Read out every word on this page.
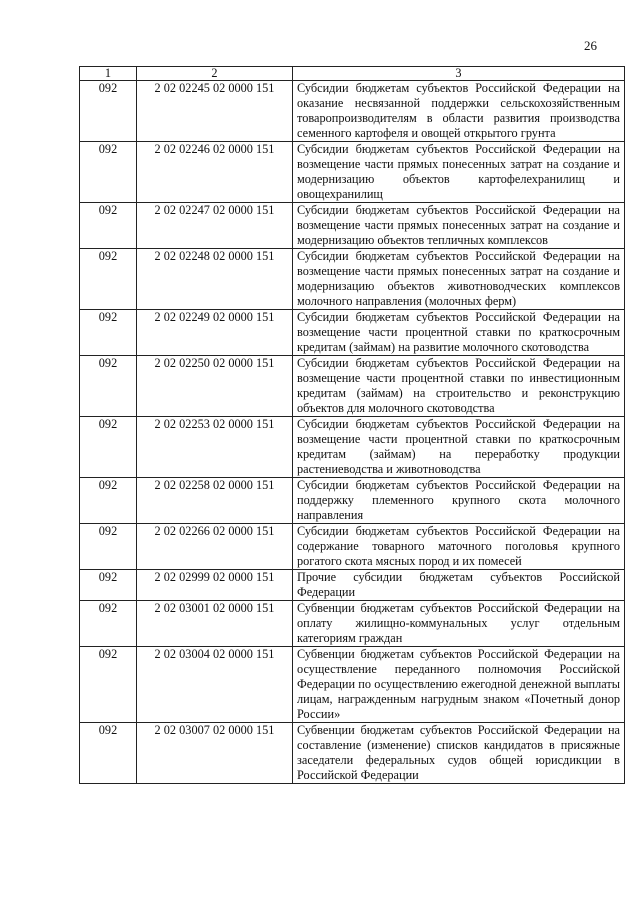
26
1	2	3
092	2 02 02245 02 0000 151	Субсидии бюджетам субъектов Российской Федерации на оказание несвязанной поддержки сельскохозяйственным товаропроизводителям в области развития производства семенного картофеля и овощей открытого грунта
092	2 02 02246 02 0000 151	Субсидии бюджетам субъектов Российской Федерации на возмещение части прямых понесенных затрат на создание и модернизацию объектов картофелехранилищ и овощехранилищ
092	2 02 02247 02 0000 151	Субсидии бюджетам субъектов Российской Федерации на возмещение части прямых понесенных затрат на создание и модернизацию объектов тепличных комплексов
092	2 02 02248 02 0000 151	Субсидии бюджетам субъектов Российской Федерации на возмещение части прямых понесенных затрат на создание и модернизацию объектов животноводческих комплексов молочного направления (молочных ферм)
092	2 02 02249 02 0000 151	Субсидии бюджетам субъектов Российской Федерации на возмещение части процентной ставки по краткосрочным кредитам (займам) на развитие молочного скотоводства
092	2 02 02250 02 0000 151	Субсидии бюджетам субъектов Российской Федерации на возмещение части процентной ставки по инвестиционным кредитам (займам) на строительство и реконструкцию объектов для молочного скотоводства
092	2 02 02253 02 0000 151	Субсидии бюджетам субъектов Российской Федерации на возмещение части процентной ставки по краткосрочным кредитам (займам) на переработку продукции растениеводства и животноводства
092	2 02 02258 02 0000 151	Субсидии бюджетам субъектов Российской Федерации на поддержку племенного крупного скота молочного направления
092	2 02 02266 02 0000 151	Субсидии бюджетам субъектов Российской Федерации на содержание товарного маточного поголовья крупного рогатого скота мясных пород и их помесей
092	2 02 02999 02 0000 151	Прочие субсидии бюджетам субъектов Российской Федерации
092	2 02 03001 02 0000 151	Субвенции бюджетам субъектов Российской Федерации на оплату жилищно-коммунальных услуг отдельным категориям граждан
092	2 02 03004 02 0000 151	Субвенции бюджетам субъектов Российской Федерации на осуществление переданного полномочия Российской Федерации по осуществлению ежегодной денежной выплаты лицам, награжденным нагрудным знаком «Почетный донор России»
092	2 02 03007 02 0000 151	Субвенции бюджетам субъектов Российской Федерации на составление (изменение) списков кандидатов в присяжные заседатели федеральных судов общей юрисдикции в Российской Федерации
